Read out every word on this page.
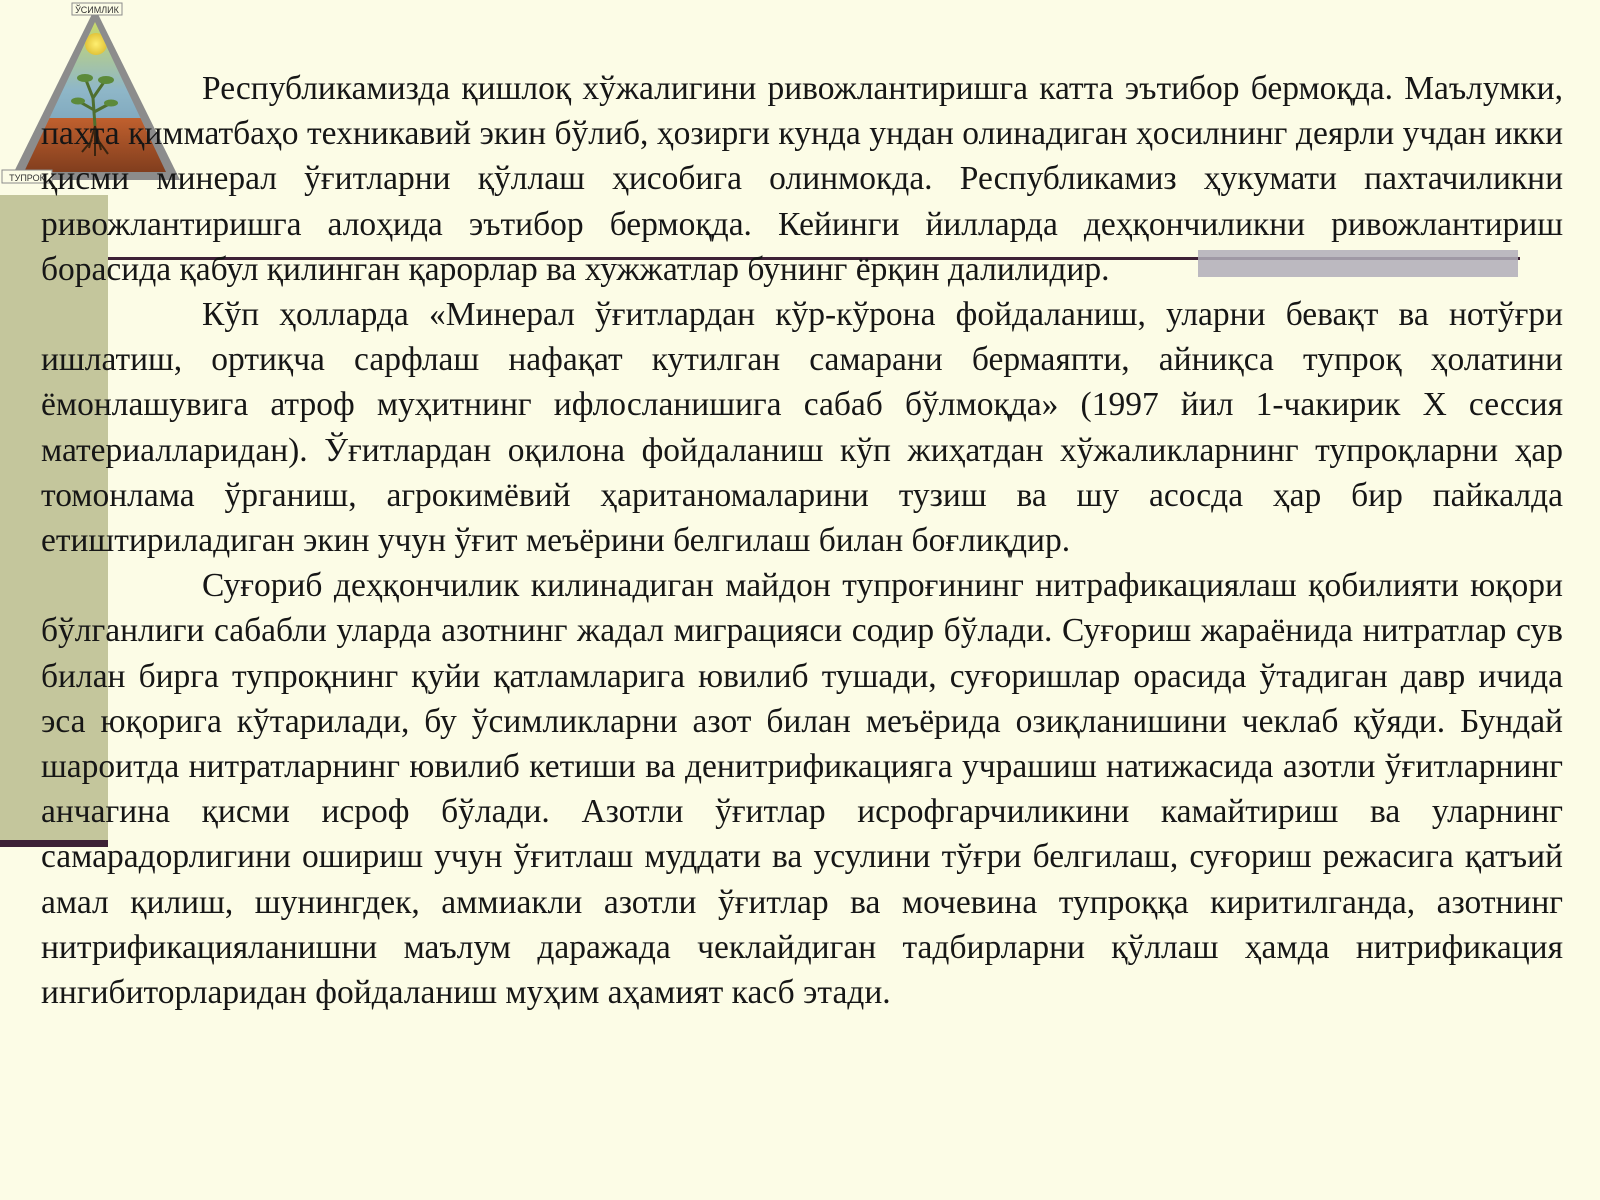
ЎСИМЛИК
ТУПРОҚ

Республикамизда қишлоқ хўжалигини ривожлантиришга катта эътибор бермоқда. Маълумки, пахта қимматбаҳо техникавий экин бўлиб, ҳозирги кунда ундан олинадиган ҳосилнинг деярли учдан икки қисми минерал ўғитларни қўллаш ҳисобига олинмокда. Республикамиз ҳукумати пахтачиликни ривожлантиришга алоҳида эътибор бермоқда. Кейинги йилларда деҳқончиликни ривожлантириш борасида қабул қилинган қарорлар ва хужжатлар бунинг ёрқин далилидир.

Кўп ҳолларда «Минерал ўғитлардан кўр-кўрона фойдаланиш, уларни бевақт ва нотўғри ишлатиш, ортиқча сарфлаш нафақат кутилган самарани бермаяпти, айниқса тупроқ ҳолатини ёмонлашувига атроф муҳитнинг ифлосланишига сабаб бўлмоқда» (1997 йил 1-чакирик Х сессия материалларидан). Ўғитлардан оқилона фойдаланиш кўп жиҳатдан хўжаликларнинг тупроқларни ҳар томонлама ўрганиш, агрокимёвий ҳаританомаларини тузиш ва шу асосда ҳар бир пайкалда етиштириладиган экин учун ўғит меъёрини белгилаш билан боғлиқдир.

Суғориб деҳқончилик килинадиган майдон тупроғининг нитрафикациялаш қобилияти юқори бўлганлиги сабабли уларда азотнинг жадал миграцияси содир бўлади. Суғориш жараёнида нитратлар сув билан бирга тупроқнинг қуйи қатламларига ювилиб тушади, суғоришлар орасида ўтадиган давр ичида эса юқорига кўтарилади, бу ўсимликларни азот билан меъёрида озиқланишини чеклаб қўяди. Бундай шароитда нитратларнинг ювилиб кетиши ва денитрификацияга учрашиш натижасида азотли ўғитларнинг анчагина қисми исроф бўлади. Азотли ўғитлар исрофгарчиликини камайтириш ва уларнинг самарадорлигини ошириш учун ўғитлаш муддати ва усулини тўғри белгилаш, суғориш режасига қатъий амал қилиш, шунингдек, аммиакли азотли ўғитлар ва мочевина тупроққа киритилганда, азотнинг нитрификацияланишни маълум даражада чеклайдиган тадбирларни қўллаш ҳамда нитрификация ингибиторларидан фойдаланиш муҳим аҳамият касб этади.
